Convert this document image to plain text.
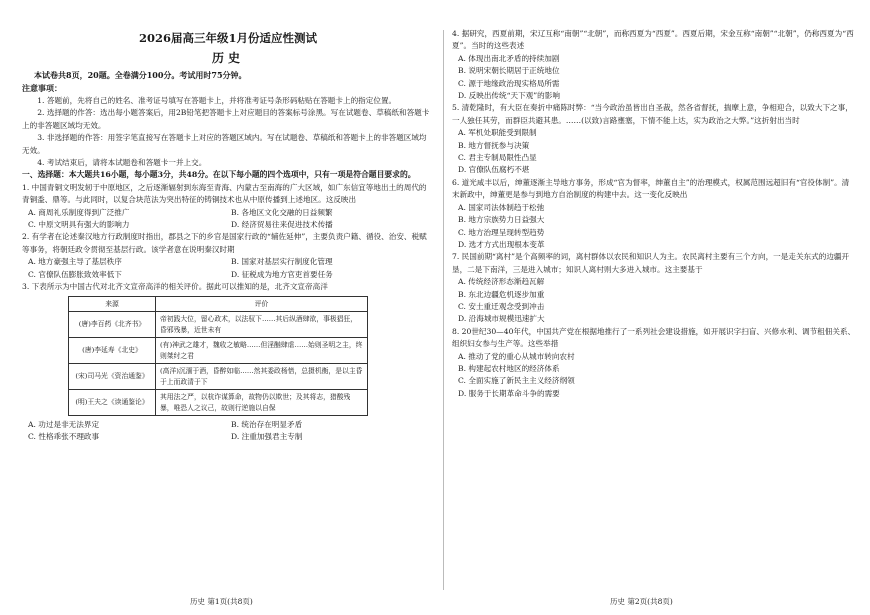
2026届高三年级1月份适应性测试
历史
本试卷共8页，20题。全卷满分100分。考试用时75分钟。
注意事项：

1. 答题前，先将自己的姓名、准考证号填写在答题卡上，并将准考证号条形码粘贴在答题卡上的指定位置。

2. 选择题的作答：选出每小题答案后，用2B铅笔把答题卡上对应题目的答案标号涂黑。写在试题卷、草稿纸和答题卡上的非答题区域均无效。

3. 非选择题的作答：用签字笔直接写在答题卡上对应的答题区域内。写在试题卷、草稿纸和答题卡上的非答题区域均无效。

4. 考试结束后，请将本试题卷和答题卡一并上交。

一、选择题：本大题共16小题，每小题3分，共48分。在以下每小题的四个选项中，只有一项是符合题目要求的。

1. 中国青铜文明发轫于中原地区，之后逐渐辐射到东海至青海、内蒙古至南海的广大区域，如广东信宜等地出土的周代的青铜盉、鼎等。与此同时，以复合块范法为突出特征的铸铜技术也从中原传播到上述地区。这反映出
A. 商周礼乐制度得到广泛推广	B. 各地区文化交融的日益频繁
C. 中原文明具有强大的影响力	D. 经济贸易往来促进技术传播
2. 有学者在论述秦汉地方行政制度时指出，郡县之下的乡官是国家行政的“辅佐延伸”，主要负责户籍、循役、治安、税赋等事务，将朝廷政令贯彻至基层行政。该学者意在说明秦汉时期
A. 地方豪强主导了基层秩序	B. 国家对基层实行制度化管理
C. 官僚队伍膨胀致效率低下	D. 征税成为地方官吏首要任务
3. 下表所示为中国古代对北齐文宣帝高洋的相关评价。据此可以推知的是，北齐文宣帝高洋
来源	评价
(唐)李百药《北齐书》	帝初践大位，留心政术，以法驭下……其后纵酒肆欲，事极猖狂，昏邪残暴，近世未有
(唐)李延寿《北史》	(有)神武之雄才，魏收之敏略……但淫酗肆虐……始则圣明之主，终则桀纣之君
(宋)司马光《资治通鉴》	(高洋)沉湎于酒，昏醉如临……然其委政杨愔，总摄机衡，是以主昏于上而政清于下
(明)王夫之《读通鉴论》	其用法之严，以杭诈谋算命，故物仍以欺世；及其将志，猎酸残暴，唯恐人之议己，故则行逆施以自保
A. 功过是非无法界定	B. 统治存在明显矛盾
C. 性格乖张不理政事	D. 注重加强君主专制
4. 据研究，西夏前期，宋辽互称“南朝”“北朝”，而称西夏为“西夏”。西夏后期，宋金互称“南朝”“北朝”，仍称西夏为“西夏”。当时的这些表述
A. 体现出南北矛盾的持续加剧
B. 说明宋朝长期居于正统地位
C. 源于地缘政治现实格局所需
D. 反映出传统“天下观”的影响
5. 清乾隆时，有大臣在奏折中痛陈时弊：“当今政治虽皆出自圣裁，然各省督抚，揣摩上意，争相迎合，以致大下之事，一人独任其劳，而群臣共避其患。……(以致)言路壅塞，下情不能上达，实为政治之大弊。”这折射出当时
A. 军机处职能受到限制
B. 地方督抚参与决策
C. 君主专制局限性凸显
D. 官僚队伍腐朽不堪
6. 道光咸丰以后，绅董逐渐主导地方事务，形成“官为督率，绅董自主”的治理模式，权属范围远超旧有“官役体制”。清末新政中，绅董更是参与到地方自治制度的构建中去。这一变化反映出
A. 国家司法体制趋于松弛
B. 地方宗族势力日益强大
C. 地方治理呈现转型趋势
D. 选才方式出现根本变革
7. 民国前期“离村”是个高频率的词，离村群体以农民和知识人为主。农民离村主要有三个方向，一是走关东式的边疆开垦，二是下南洋，三是进入城市；知识人离村则大多进入城市。这主要基于
A. 传统经济形态渐趋瓦解
B. 东北边疆危机逐步加重
C. 安土重迁观念受到冲击
D. 沿海城市规模迅速扩大
8. 20世纪30—40年代，中国共产党在根据地推行了一系列社会建设措施，如开展识字扫盲、兴修水利、调节租佃关系、组织妇女参与生产等。这些举措
A. 推动了党的重心从城市转向农村
B. 构建起农村地区的经济体系
C. 全面实施了新民主主义经济纲领
D. 服务于长期革命斗争的需要
历史 第1页(共8页)	历史 第2页(共8页)
